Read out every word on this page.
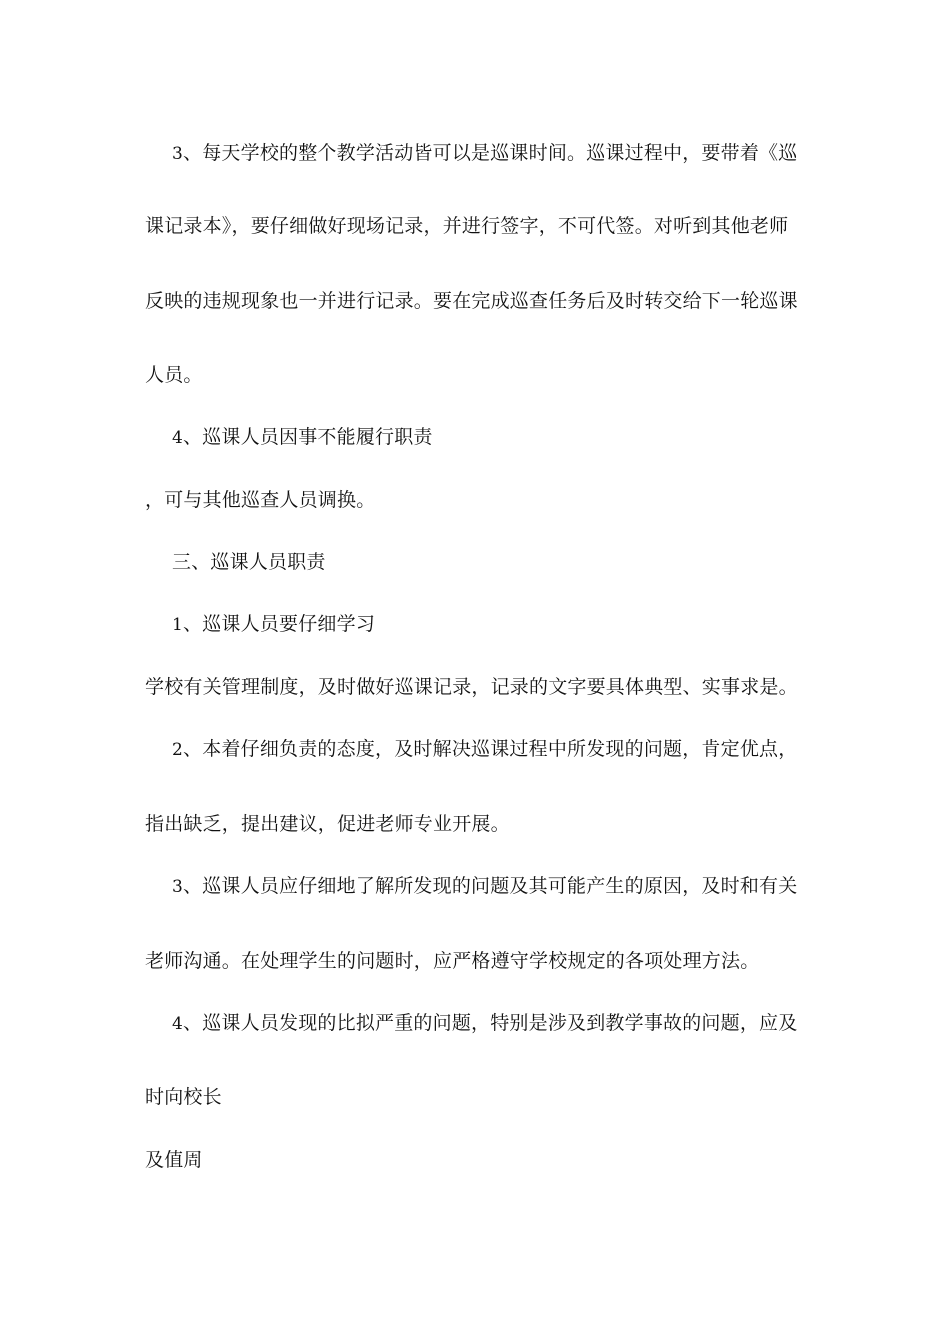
3、每天学校的整个教学活动皆可以是巡课时间。巡课过程中，要带着《巡
课记录本》，要仔细做好现场记录，并进行签字，不可代签。对听到其他老师
反映的违规现象也一并进行记录。要在完成巡查任务后及时转交给下一轮巡课
人员。
4、巡课人员因事不能履行职责
，可与其他巡查人员调换。
三、巡课人员职责
1、巡课人员要仔细学习
学校有关管理制度，及时做好巡课记录，记录的文字要具体典型、实事求是。
2、本着仔细负责的态度，及时解决巡课过程中所发现的问题，肯定优点，
指出缺乏，提出建议，促进老师专业开展。
3、巡课人员应仔细地了解所发现的问题及其可能产生的原因，及时和有关
老师沟通。在处理学生的问题时，应严格遵守学校规定的各项处理方法。
4、巡课人员发现的比拟严重的问题，特别是涉及到教学事故的问题，应及
时向校长
及值周
